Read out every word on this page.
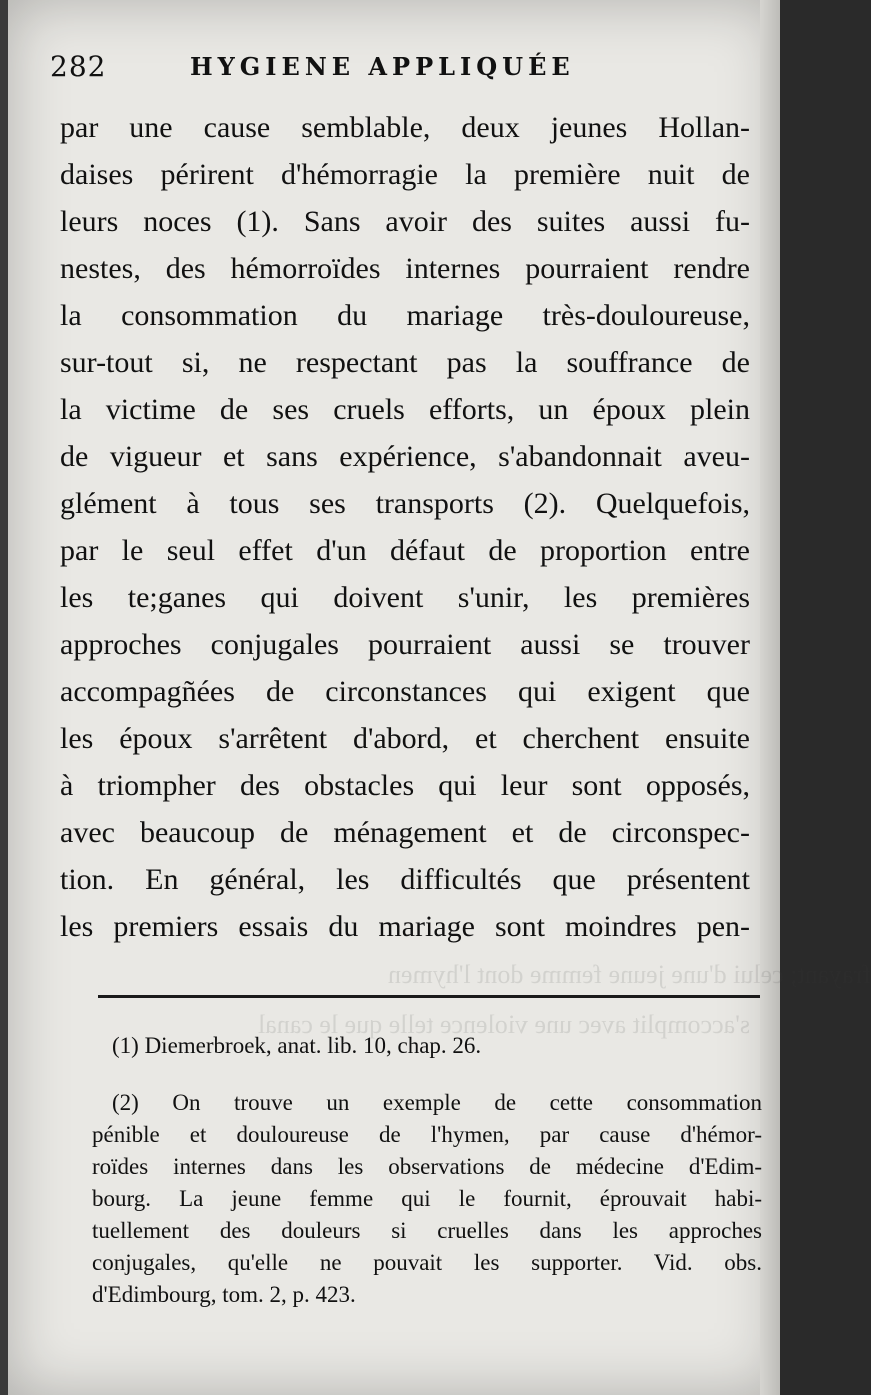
frayant; celui d'une jeune femme dont l'hymen
s'accomplit avec une violence telle que le canal
282	HYGIENE APPLIQUÉE
par une cause semblable, deux jeunes Hollan-
daises périrent d'hémorragie la première nuit de
leurs noces (1). Sans avoir des suites aussi fu-
nestes, des hémorroïdes internes pourraient rendre
la consommation du mariage très-douloureuse,
sur-tout si, ne respectant pas la souffrance de
la victime de ses cruels efforts, un époux plein
de vigueur et sans expérience, s'abandonnait aveu-
glément à tous ses transports (2). Quelquefois,
par le seul effet d'un défaut de proportion entre
les te;ganes qui doivent s'unir, les premières
approches conjugales pourraient aussi se trouver
accompagñées de circonstances qui exigent que
les époux s'arrêtent d'abord, et cherchent ensuite
à triompher des obstacles qui leur sont opposés,
avec beaucoup de ménagement et de circonspec-
tion. En général, les difficultés que présentent
les premiers essais du mariage sont moindres pen-
(1) Diemerbroek, anat. lib. 10, chap. 26.
(2) On trouve un exemple de cette consommation
pénible et douloureuse de l'hymen, par cause d'hémor-
roïdes internes dans les observations de médecine d'Edim-
bourg. La jeune femme qui le fournit, éprouvait habi-
tuellement des douleurs si cruelles dans les approches
conjugales, qu'elle ne pouvait les supporter. Vid. obs.
d'Edimbourg, tom. 2, p. 423.
